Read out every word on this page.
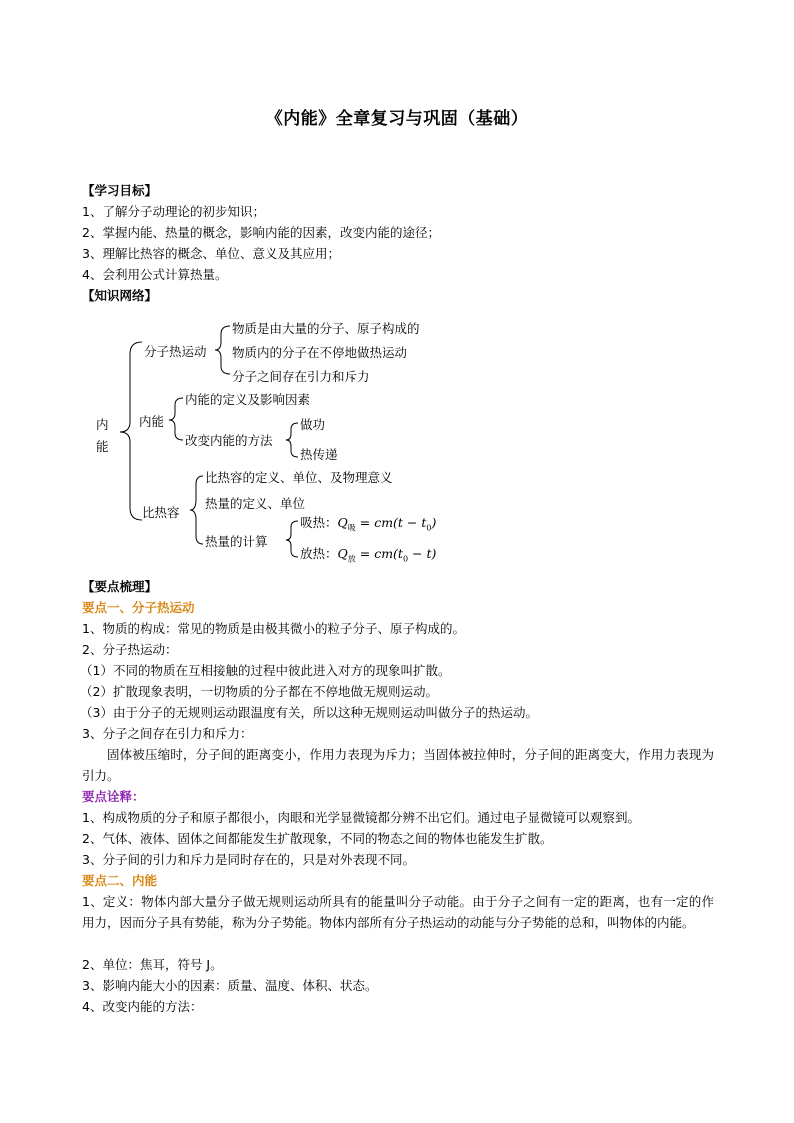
《内能》全章复习与巩固（基础）
【学习目标】
1、了解分子动理论的初步知识；
2、掌握内能、热量的概念，影响内能的因素，改变内能的途径；
3、理解比热容的概念、单位、意义及其应用；
4、会利用公式计算热量。
【知识网络】
内能
分子热运动
物质是由大量的分子、原子构成的
物质内的分子在不停地做热运动
分子之间存在引力和斥力
内能
内能的定义及影响因素
改变内能的方法
做功
热传递
比热容
比热容的定义、单位、及物理意义
热量的定义、单位
热量的计算
吸热：$Q_吸 = cm(t - t_0)$
放热：$Q_放 = cm(t_0 - t)$
【要点梳理】
要点一、分子热运动
1、物质的构成：常见的物质是由极其微小的粒子分子、原子构成的。
2、分子热运动：
（1）不同的物质在互相接触的过程中彼此进入对方的现象叫扩散。
（2）扩散现象表明，一切物质的分子都在不停地做无规则运动。
（3）由于分子的无规则运动跟温度有关，所以这种无规则运动叫做分子的热运动。
3、分子之间存在引力和斥力：
固体被压缩时，分子间的距离变小，作用力表现为斥力；当固体被拉伸时，分子间的距离变大，作用力表现为引力。
要点诠释：
1、构成物质的分子和原子都很小，肉眼和光学显微镜都分辨不出它们。通过电子显微镜可以观察到。
2、气体、液体、固体之间都能发生扩散现象，不同的物态之间的物体也能发生扩散。
3、分子间的引力和斥力是同时存在的，只是对外表现不同。
要点二、内能
1、定义：物体内部大量分子做无规则运动所具有的能量叫分子动能。由于分子之间有一定的距离，也有一定的作用力，因而分子具有势能，称为分子势能。物体内部所有分子热运动的动能与分子势能的总和，叫物体的内能。
2、单位：焦耳，符号 J。
3、影响内能大小的因素：质量、温度、体积、状态。
4、改变内能的方法：
